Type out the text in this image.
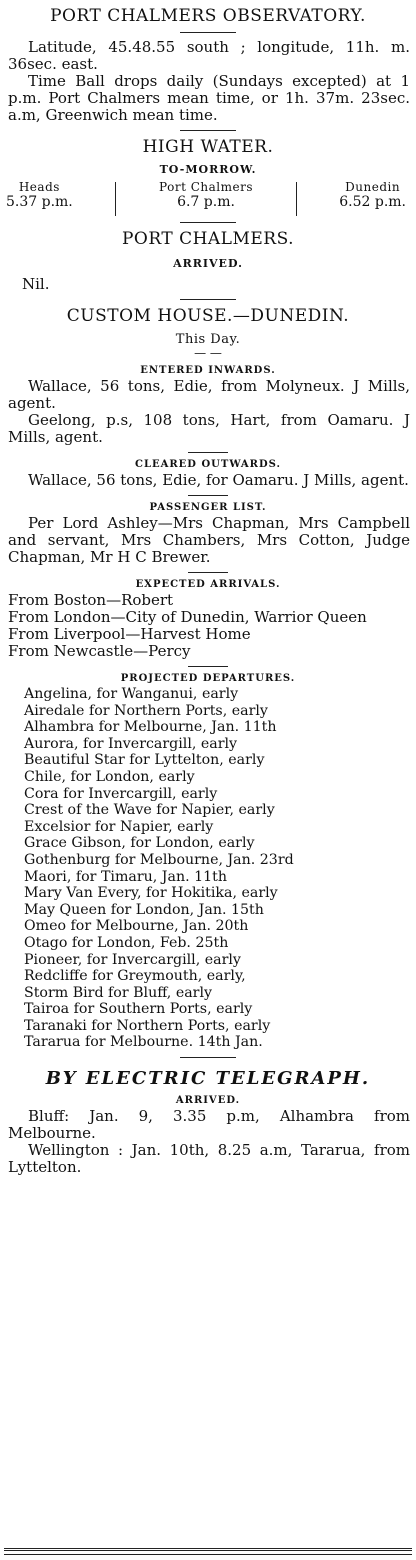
PORT CHALMERS OBSERVATORY.
Latitude, 45.48.55 south ; longitude, 11h. m. 36sec. east.
Time Ball drops daily (Sundays excepted) at 1 p.m. Port Chalmers mean time, or 1h. 37m. 23sec. a.m, Greenwich mean time.
HIGH WATER.
TO-MORROW.
Heads
5.37 p.m.
Port Chalmers
6.7 p.m.
Dunedin
6.52 p.m.
PORT CHALMERS.
ARRIVED.
Nil.
CUSTOM HOUSE.—DUNEDIN.
This Day.
— —
ENTERED INWARDS.
Wallace, 56 tons, Edie, from Molyneux. J Mills, agent.
Geelong, p.s, 108 tons, Hart, from Oamaru. J Mills, agent.
CLEARED OUTWARDS.
Wallace, 56 tons, Edie, for Oamaru. J Mills, agent.
PASSENGER LIST.
Per Lord Ashley—Mrs Chapman, Mrs Campbell and servant, Mrs Chambers, Mrs Cotton, Judge Chapman, Mr H C Brewer.
EXPECTED ARRIVALS.
From Boston—Robert
From London—City of Dunedin, Warrior Queen
From Liverpool—Harvest Home
From Newcastle—Percy
PROJECTED DEPARTURES.
Angelina, for Wanganui, early
Airedale for Northern Ports, early
Alhambra for Melbourne, Jan. 11th
Aurora, for Invercargill, early
Beautiful Star for Lyttelton, early
Chile, for London, early
Cora for Invercargill, early
Crest of the Wave for Napier, early
Excelsior for Napier, early
Grace Gibson, for London, early
Gothenburg for Melbourne, Jan. 23rd
Maori, for Timaru, Jan. 11th
Mary Van Every, for Hokitika, early
May Queen for London, Jan. 15th
Omeo for Melbourne, Jan. 20th
Otago for London, Feb. 25th
Pioneer, for Invercargill, early
Redcliffe for Greymouth, early,
Storm Bird for Bluff, early
Tairoa for Southern Ports, early
Taranaki for Northern Ports, early
Tararua for Melbourne. 14th Jan.
BY ELECTRIC TELEGRAPH.
ARRIVED.
Bluff: Jan. 9, 3.35 p.m, Alhambra from Melbourne.
Wellington : Jan. 10th, 8.25 a.m, Tararua, from Lyttelton.
